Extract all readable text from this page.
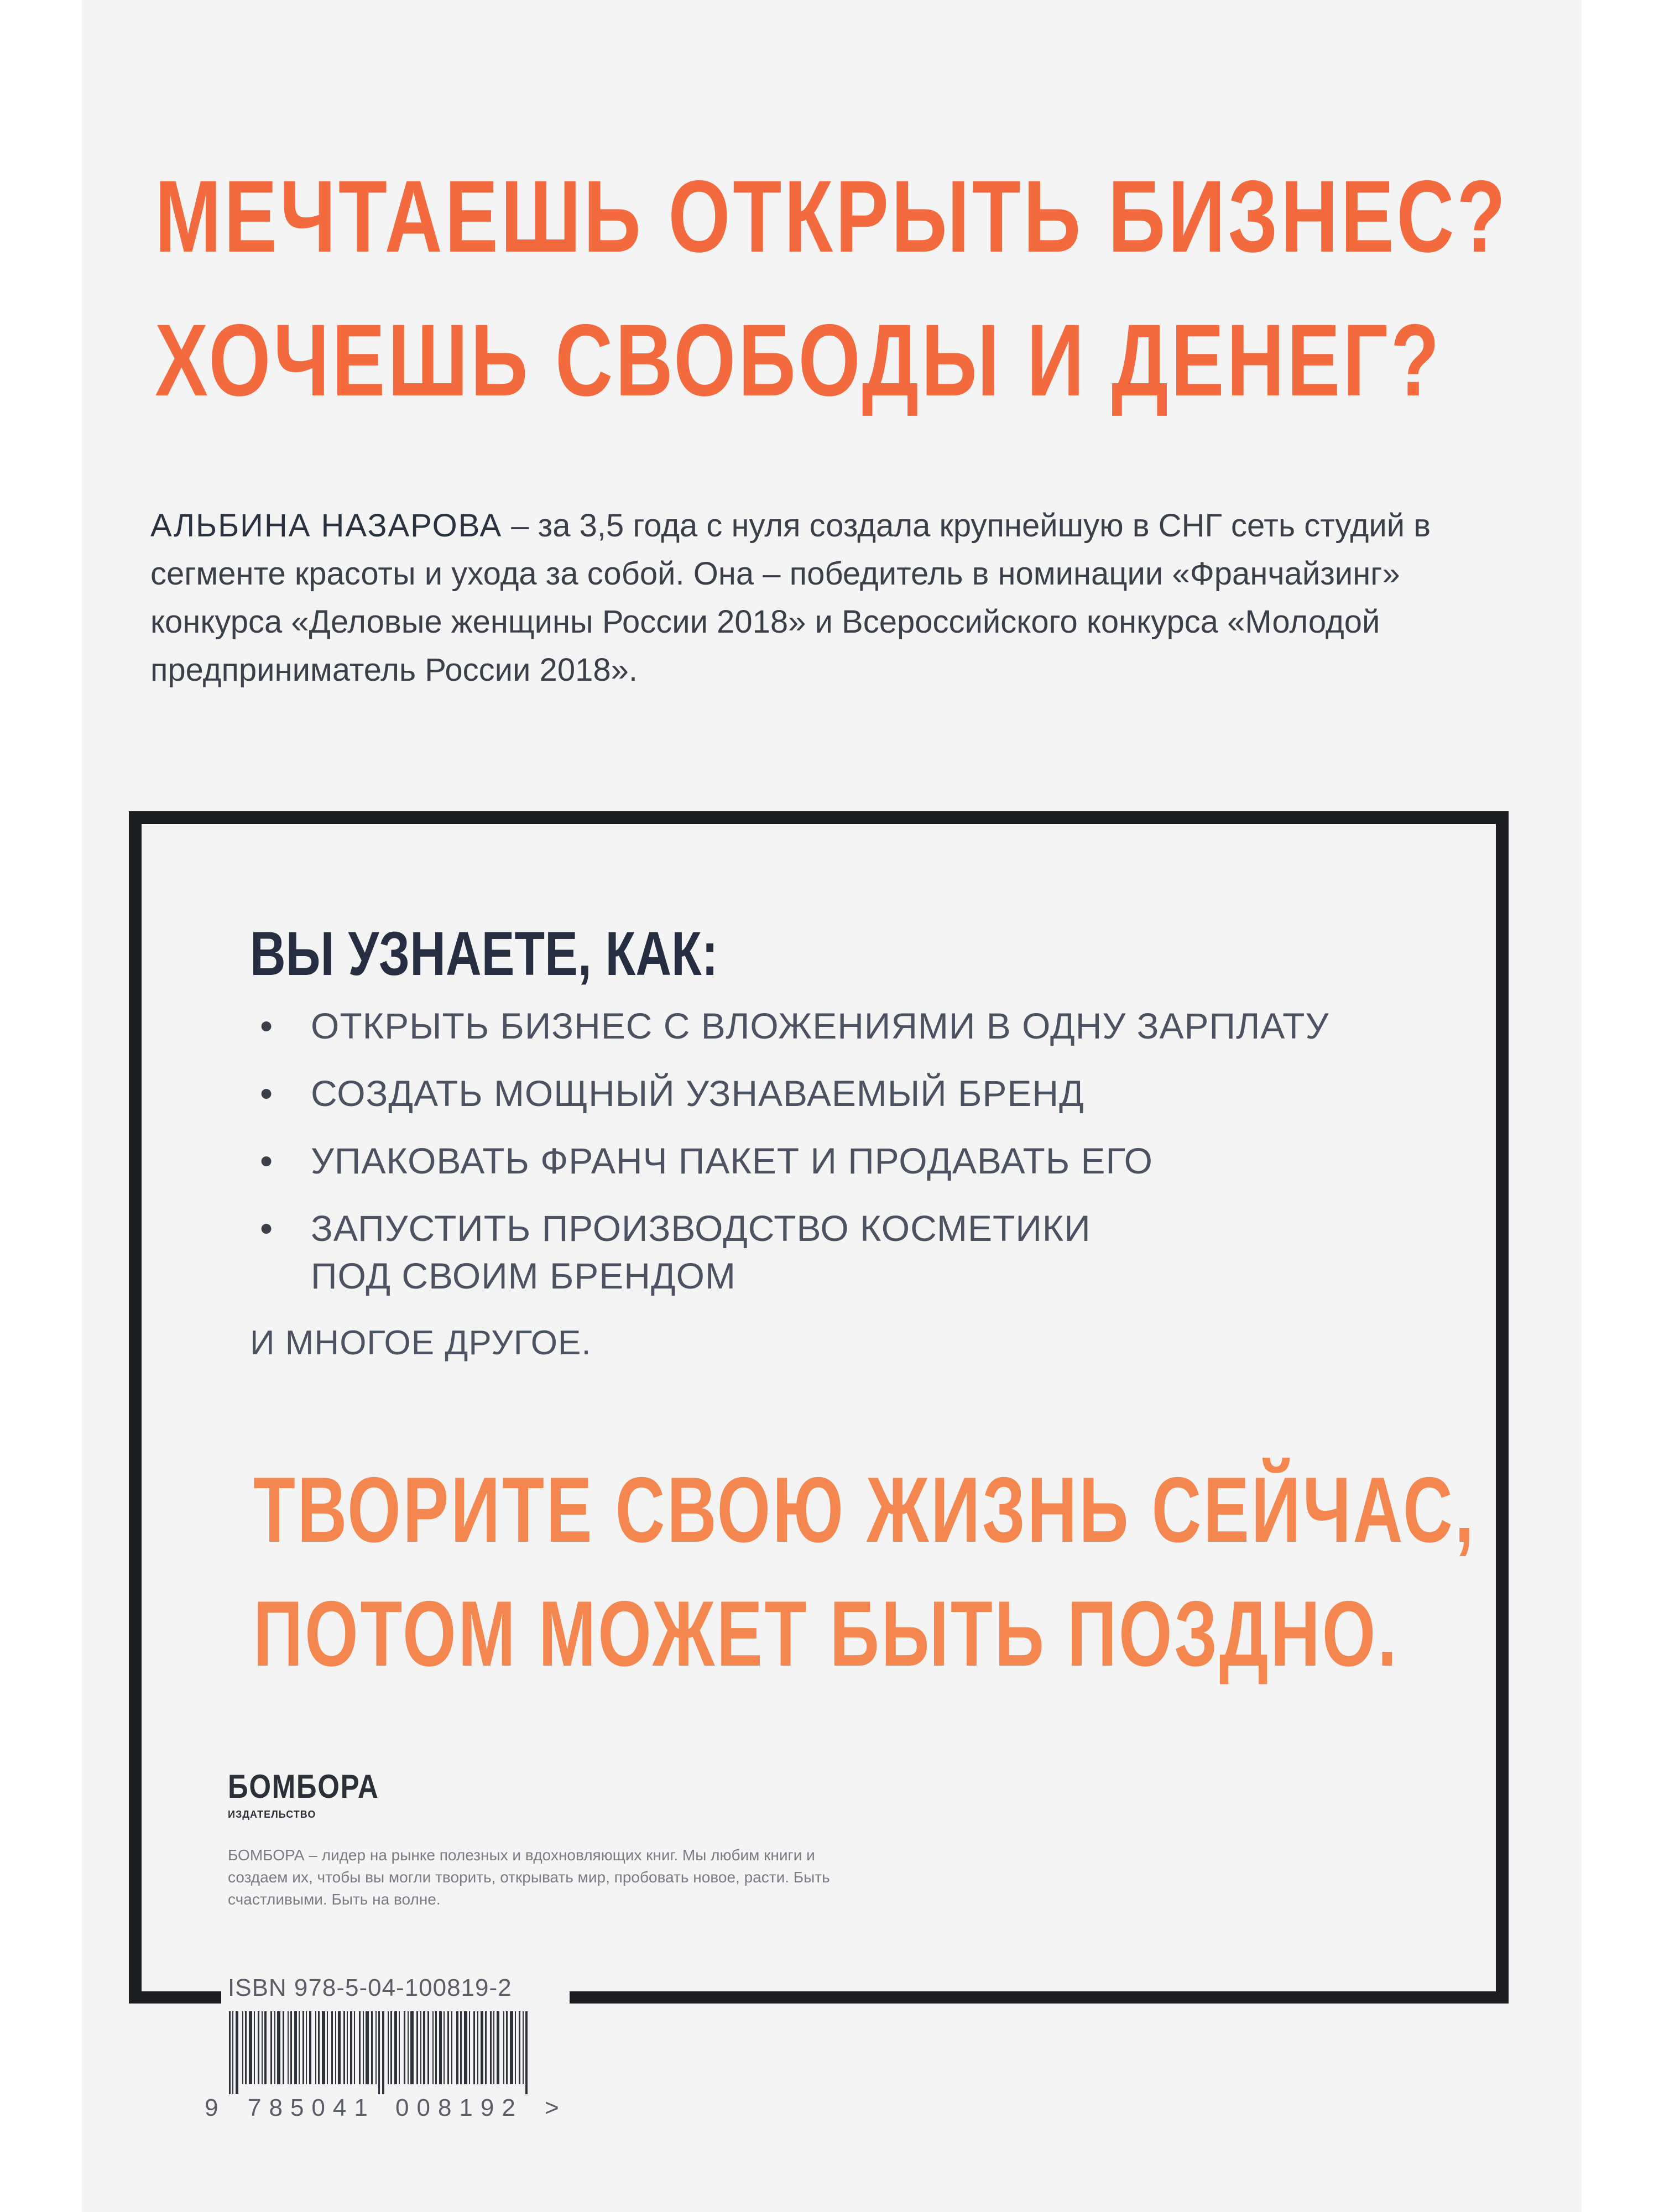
МЕЧТАЕШЬ ОТКРЫТЬ БИЗНЕС?
ХОЧЕШЬ СВОБОДЫ И ДЕНЕГ?

АЛЬБИНА НАЗАРОВА – за 3,5 года с нуля создала крупнейшую в СНГ сеть студий в сегменте красоты и ухода за собой. Она – победитель в номинации «Франчайзинг» конкурса «Деловые женщины России 2018» и Всероссийского конкурса «Молодой предприниматель России 2018».

ВЫ УЗНАЕТЕ, КАК:
• ОТКРЫТЬ БИЗНЕС С ВЛОЖЕНИЯМИ В ОДНУ ЗАРПЛАТУ
• СОЗДАТЬ МОЩНЫЙ УЗНАВАЕМЫЙ БРЕНД
• УПАКОВАТЬ ФРАНЧ ПАКЕТ И ПРОДАВАТЬ ЕГО
• ЗАПУСТИТЬ ПРОИЗВОДСТВО КОСМЕТИКИ
ПОД СВОИМ БРЕНДОМ

И МНОГОЕ ДРУГОЕ.

ТВОРИТЕ СВОЮ ЖИЗНЬ СЕЙЧАС,
ПОТОМ МОЖЕТ БЫТЬ ПОЗДНО.
БОМБОРА
ИЗДАТЕЛЬСТВО

БОМБОРА – лидер на рынке полезных и вдохновляющих книг. Мы любим книги и создаем их, чтобы вы могли творить, открывать мир, пробовать новое, расти. Быть счастливыми. Быть на волне.

ISBN 978-5-04-100819-2
9 785041 008192 >
